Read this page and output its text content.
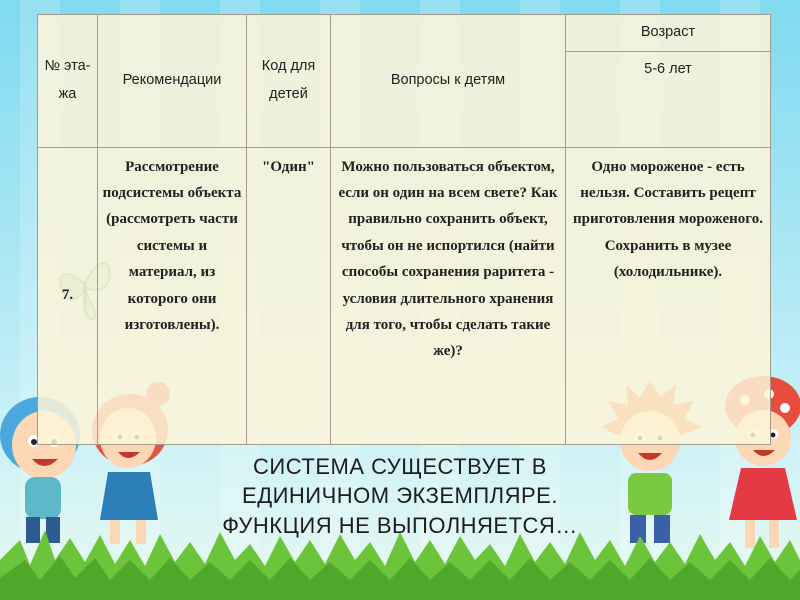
№ эта-жа	Рекомендации	Код для детей	Вопросы к детям	Возраст
				5-6 лет
7.	Рассмотрение подсистемы объекта (рассмотреть части системы и материал, из которого они изготовлены).	"Один"	Можно пользоваться объектом, если он один на всем свете? Как правильно сохранить объект, чтобы он не испортился (найти способы сохранения раритета - условия длительного хранения для того, чтобы сделать такие же)?	Одно мороженое - есть нельзя. Составить рецепт приготовления мороженого. Сохранить в музее (холодильнике).
СИСТЕМА СУЩЕСТВУЕТ В
ЕДИНИЧНОМ ЭКЗЕМПЛЯРЕ.
ФУНКЦИЯ НЕ ВЫПОЛНЯЕТСЯ…
